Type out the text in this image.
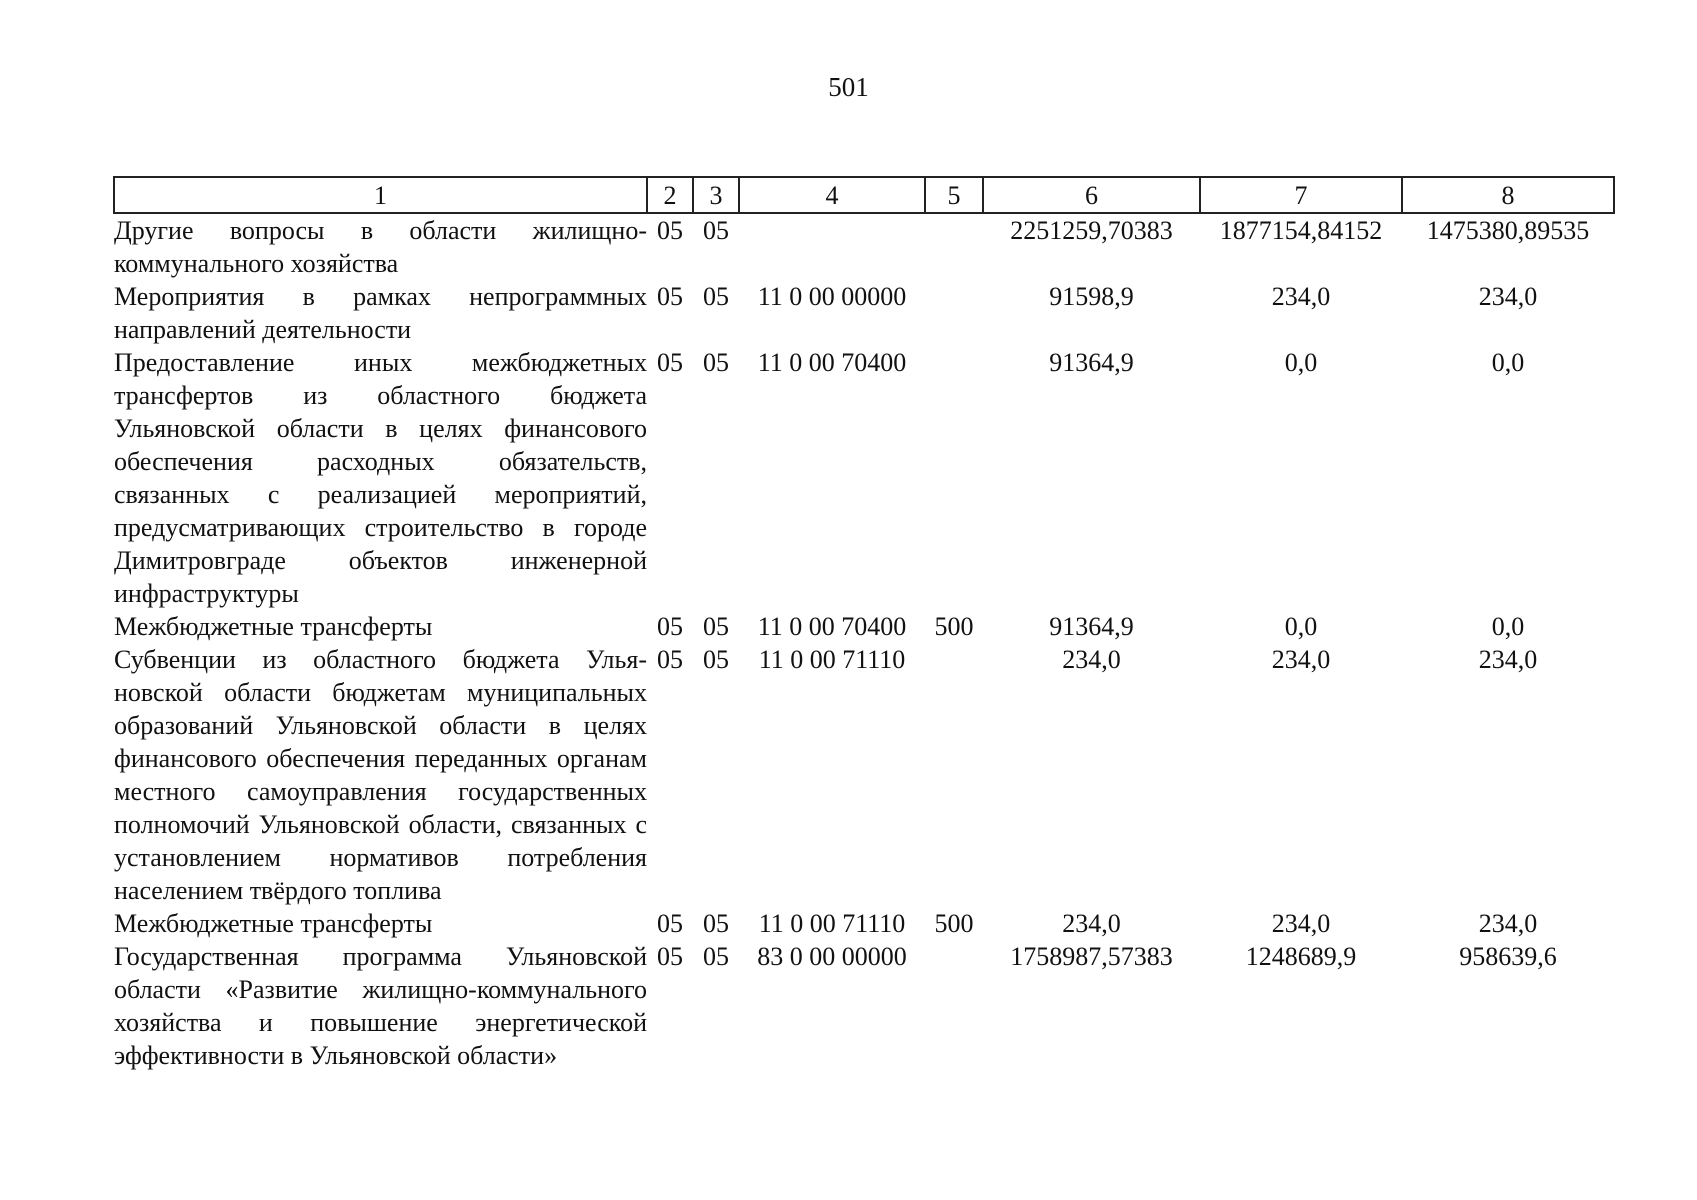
501
1	2	3	4	5	6	7	8
Другие вопросы в области жилищно-коммунального хозяйства	05	05			2251259,70383	1877154,84152	1475380,89535
Мероприятия в рамках непрограммных направлений деятельности	05	05	11 0 00 00000		91598,9	234,0	234,0
Предоставление иных межбюджетных трансфертов из областного бюджета Ульяновской области в целях финансового обеспечения расходных обязательств, связанных с реализацией мероприятий, предусматривающих строительство в городе Димитровграде объектов инженерной инфраструктуры	05	05	11 0 00 70400		91364,9	0,0	0,0
Межбюджетные трансферты	05	05	11 0 00 70400	500	91364,9	0,0	0,0
Субвенции из областного бюджета Ульяновской области бюджетам муниципальных образований Ульяновской области в целях финансового обеспечения переданных органам местного самоуправления государственных полномочий Ульяновской области, связанных с установлением нормативов потребления населением твёрдого топлива	05	05	11 0 00 71110		234,0	234,0	234,0
Межбюджетные трансферты	05	05	11 0 00 71110	500	234,0	234,0	234,0
Государственная программа Ульяновской области «Развитие жилищно-коммунального хозяйства и повышение энергетической эффективности в Ульяновской области»	05	05	83 0 00 00000		1758987,57383	1248689,9	958639,6
